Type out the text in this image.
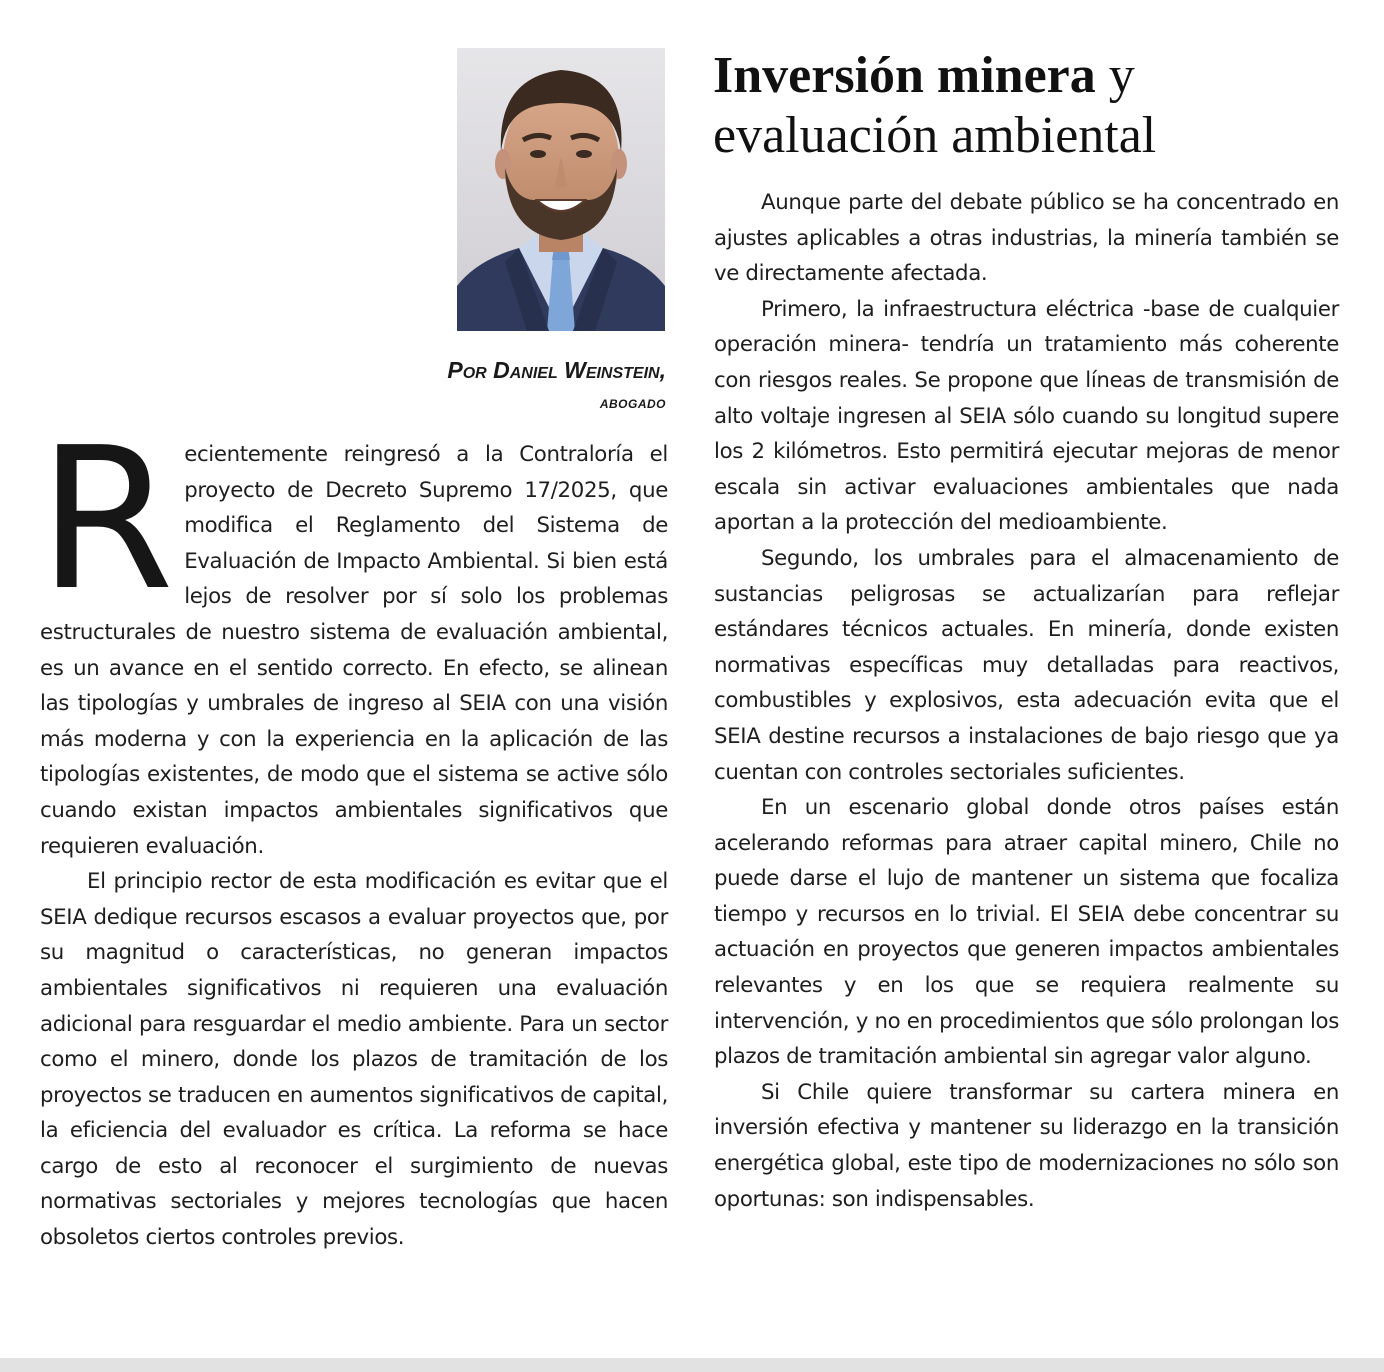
Por Daniel Weinstein,
abogado
Inversión minera y
evaluación ambiental

Recientemente reingresó a la Contraloría el proyecto de Decreto Supremo 17/2025, que modifica el Reglamento del Sistema de Evaluación de Impacto Ambiental. Si bien está lejos de resolver por sí solo los problemas estructurales de nuestro sistema de evaluación ambiental, es un avance en el sentido correcto. En efecto, se alinean las tipologías y umbrales de ingreso al SEIA con una visión más moderna y con la experiencia en la aplicación de las tipologías existentes, de modo que el sistema se active sólo cuando existan impactos ambientales significativos que requieren evaluación.

El principio rector de esta modificación es evitar que el SEIA dedique recursos escasos a evaluar proyectos que, por su magnitud o características, no generan impactos ambientales significativos ni requieren una evaluación adicional para resguardar el medio ambiente. Para un sector como el minero, donde los plazos de tramitación de los proyectos se traducen en aumentos significativos de capital, la eficiencia del evaluador es crítica. La reforma se hace cargo de esto al reconocer el surgimiento de nuevas normativas sectoriales y mejores tecnologías que hacen obsoletos ciertos controles previos.

Aunque parte del debate público se ha concentrado en ajustes aplicables a otras industrias, la minería también se ve directamente afectada.

Primero, la infraestructura eléctrica -base de cualquier operación minera- tendría un tratamiento más coherente con riesgos reales. Se propone que líneas de transmisión de alto voltaje ingresen al SEIA sólo cuando su longitud supere los 2 kilómetros. Esto permitirá ejecutar mejoras de menor escala sin activar evaluaciones ambientales que nada aportan a la protección del medioambiente.

Segundo, los umbrales para el almacenamiento de sustancias peligrosas se actualizarían para reflejar estándares técnicos actuales. En minería, donde existen normativas específicas muy detalladas para reactivos, combustibles y explosivos, esta adecuación evita que el SEIA destine recursos a instalaciones de bajo riesgo que ya cuentan con controles sectoriales suficientes.

En un escenario global donde otros países están acelerando reformas para atraer capital minero, Chile no puede darse el lujo de mantener un sistema que focaliza tiempo y recursos en lo trivial. El SEIA debe concentrar su actuación en proyectos que generen impactos ambientales relevantes y en los que se requiera realmente su intervención, y no en procedimientos que sólo prolongan los plazos de tramitación ambiental sin agregar valor alguno.

Si Chile quiere transformar su cartera minera en inversión efectiva y mantener su liderazgo en la transición energética global, este tipo de modernizaciones no sólo son oportunas: son indispensables.
